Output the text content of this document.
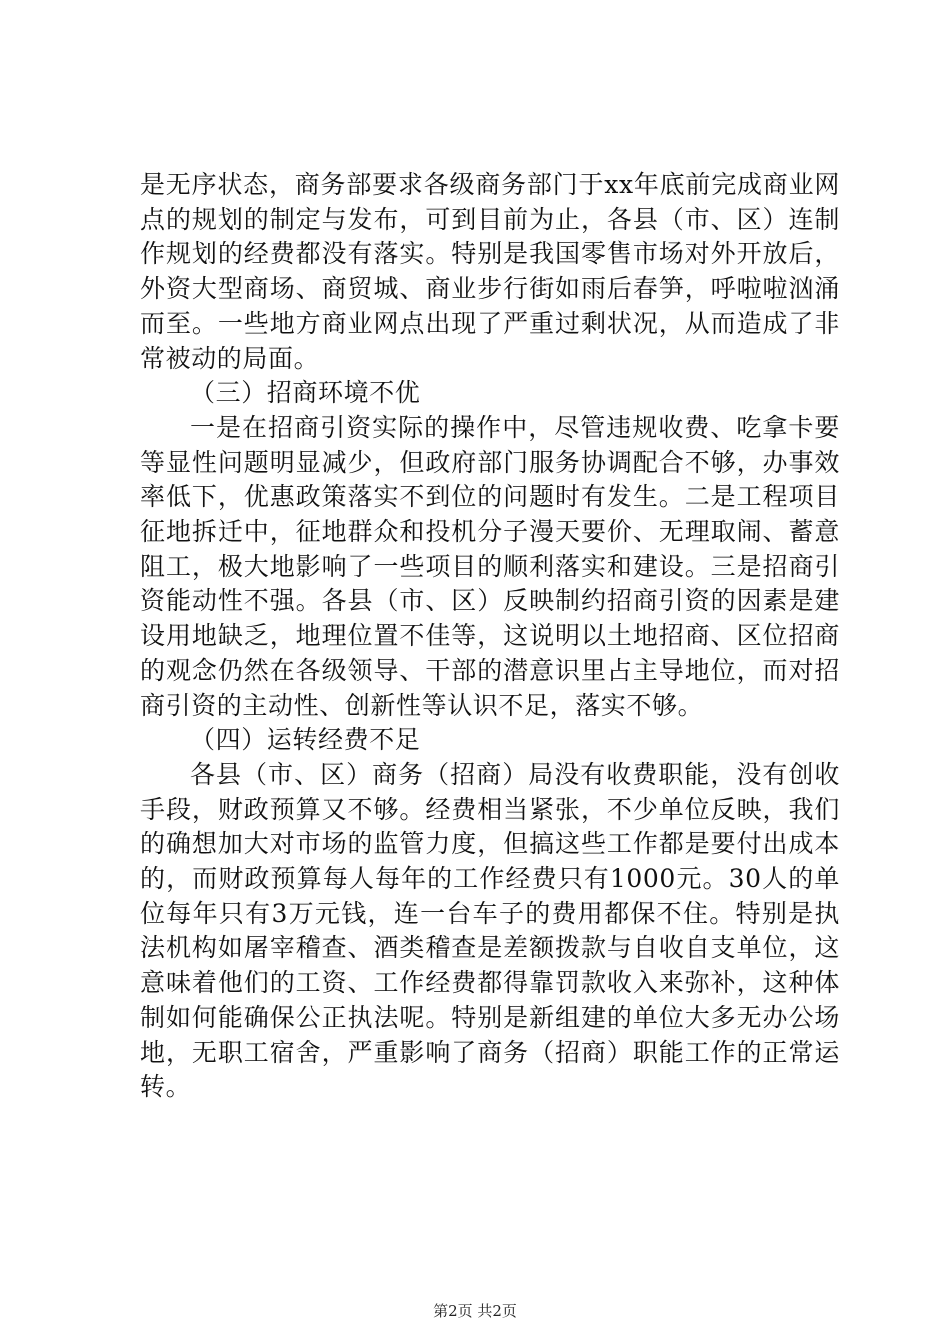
是无序状态，商务部要求各级商务部门于xx年底前完成商业网点的规划的制定与发布，可到目前为止，各县（市、区）连制作规划的经费都没有落实。特别是我国零售市场对外开放后，外资大型商场、商贸城、商业步行街如雨后春笋，呼啦啦汹涌而至。一些地方商业网点出现了严重过剩状况，从而造成了非常被动的局面。

（三）招商环境不优

一是在招商引资实际的操作中，尽管违规收费、吃拿卡要等显性问题明显减少，但政府部门服务协调配合不够，办事效率低下，优惠政策落实不到位的问题时有发生。二是工程项目征地拆迁中，征地群众和投机分子漫天要价、无理取闹、蓄意阻工，极大地影响了一些项目的顺利落实和建设。三是招商引资能动性不强。各县（市、区）反映制约招商引资的因素是建设用地缺乏，地理位置不佳等，这说明以土地招商、区位招商的观念仍然在各级领导、干部的潜意识里占主导地位，而对招商引资的主动性、创新性等认识不足，落实不够。

（四）运转经费不足

各县（市、区）商务（招商）局没有收费职能，没有创收手段，财政预算又不够。经费相当紧张，不少单位反映，我们的确想加大对市场的监管力度，但搞这些工作都是要付出成本的，而财政预算每人每年的工作经费只有1000元。30人的单位每年只有3万元钱，连一台车子的费用都保不住。特别是执法机构如屠宰稽查、酒类稽查是差额拨款与自收自支单位，这意味着他们的工资、工作经费都得靠罚款收入来弥补，这种体制如何能确保公正执法呢。特别是新组建的单位大多无办公场地，无职工宿舍，严重影响了商务（招商）职能工作的正常运转。

第2页 共2页
